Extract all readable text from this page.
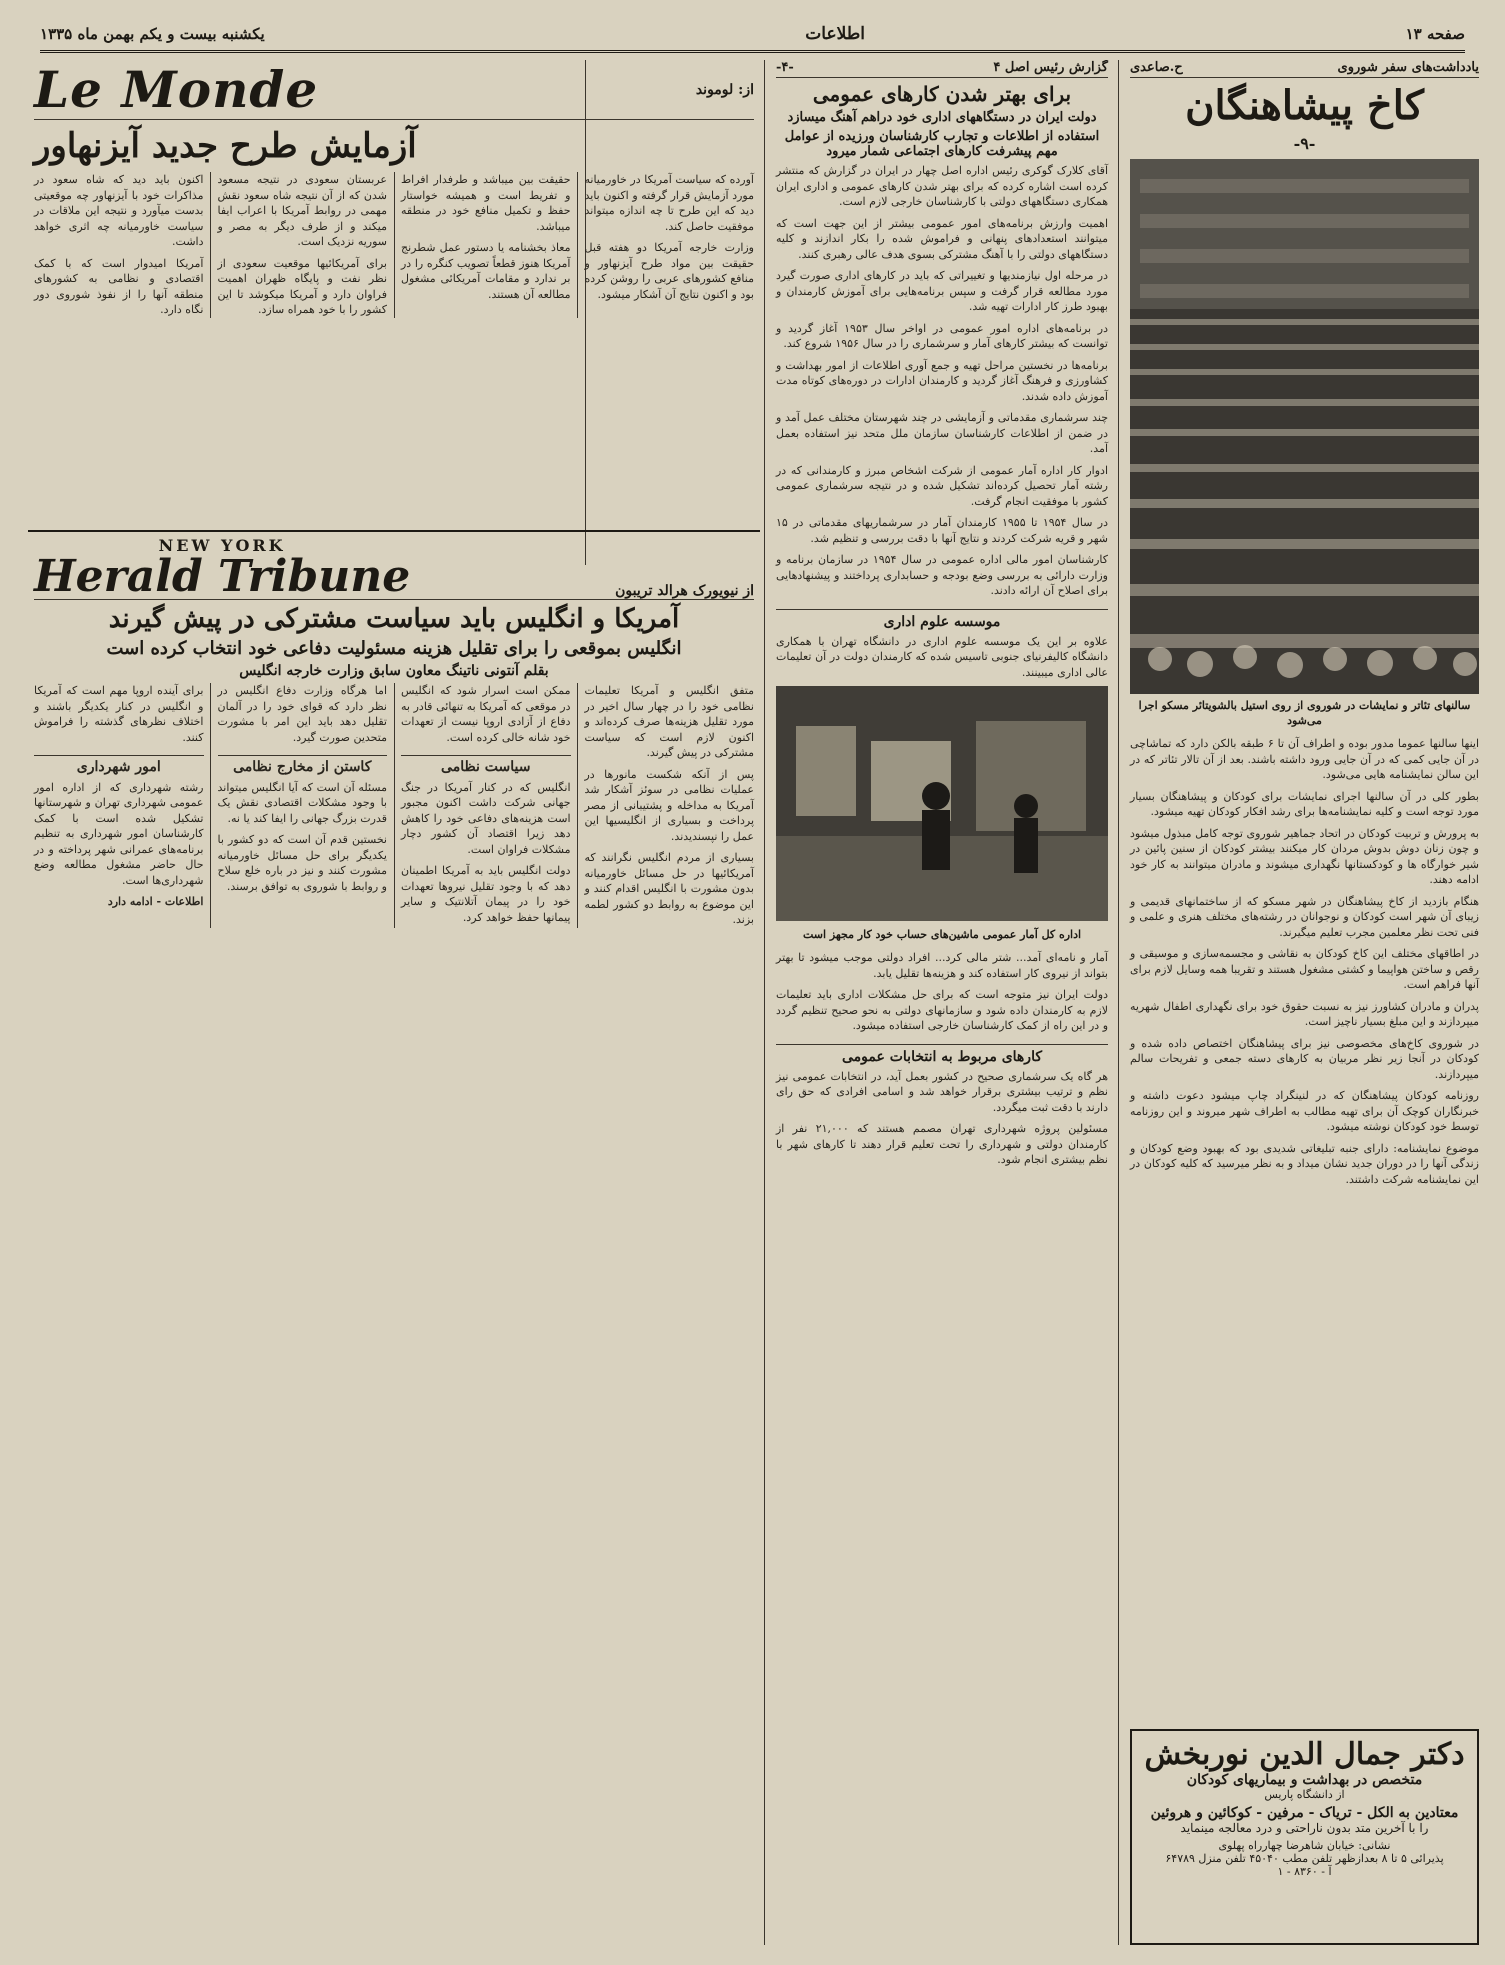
صفحه ۱۳
اطلاعات
یکشنبه بیست و یکم بهمن ماه ۱۳۳۵
یادداشت‌های سفر شوروی
ح.صاعدی
کاخ پیشاهنگان
-۹-
سالنهای تئاتر و نمایشات در شوروی از روی استیل بالشویتائر مسکو اجرا می‌شود

اینها سالنها عموما مدور بوده و اطراف آن تا ۶ طبقه بالکن دارد که تماشاچی در آن جایی کمی که در آن جایی ورود داشته باشند. بعد از آن تالار تئاتر که در این سالن نمایشنامه هایی می‌شود.

بطور کلی در آن سالنها اجرای نمایشات برای کودکان و پیشاهنگان بسیار مورد توجه است و کلیه نمایشنامه‌ها برای رشد افکار کودکان تهیه میشود.

به پرورش و تربیت کودکان در اتحاد جماهیر شوروی توجه کامل مبذول میشود و چون زنان دوش بدوش مردان کار میکنند بیشتر کودکان از سنین پائین در شیر خوارگاه ها و کودکستانها نگهداری میشوند و مادران میتوانند به کار خود ادامه دهند.

هنگام بازدید از کاخ پیشاهنگان در شهر مسکو که از ساختمانهای قدیمی و زیبای آن شهر است کودکان و نوجوانان در رشته‌های مختلف هنری و علمی و فنی تحت نظر معلمین مجرب تعلیم میگیرند.

در اطاقهای مختلف این کاخ کودکان به نقاشی و مجسمه‌سازی و موسیقی و رقص و ساختن هواپیما و کشتی مشغول هستند و تقریبا همه وسایل لازم برای آنها فراهم است.

پدران و مادران کشاورز نیز به نسبت حقوق خود برای نگهداری اطفال شهریه میپردازند و این مبلغ بسیار ناچیز است.

در شوروی کاخ‌های مخصوصی نیز برای پیشاهنگان اختصاص داده شده و کودکان در آنجا زیر نظر مربیان به کارهای دسته جمعی و تفریحات سالم میپردازند.

روزنامه کودکان پیشاهنگان که در لنینگراد چاپ میشود دعوت داشته و خبرنگاران کوچک آن برای تهیه مطالب به اطراف شهر میروند و این روزنامه توسط خود کودکان نوشته میشود.

موضوع نمایشنامه: دارای جنبه تبلیغاتی شدیدی بود که بهبود وضع کودکان و زندگی آنها را در دوران جدید نشان میداد و به نظر میرسید که کلیه کودکان در این نمایشنامه شرکت داشتند.

دکتر جمال الدین نوربخش
متخصص در بهداشت و بیماریهای کودکان
از دانشگاه پاریس
معتادین به الکل - تریاک - مرفین - کوکائین و هروئین
را با آخرین متد بدون ناراحتی و درد معالجه مینماید
نشانی: خیابان شاهرضا چهارراه پهلوی
پذیرائی ۵ تا ۸ بعدازظهر تلفن مطب ۴۵۰۴۰ تلفن منزل ۶۴۷۸۹
آ - ۸۳۶۰ - ۱
گزارش رئیس اصل ۴
-۴-
برای بهتر شدن کارهای عمومی
دولت ایران در دستگاههای اداری خود دراهم آهنگ میسازد
استفاده از اطلاعات و تجارب کارشناسان ورزیده از عوامل مهم پیشرفت کارهای اجتماعی شمار میرود

آقای کلارک گوکری رئیس اداره اصل چهار در ایران در گزارش که منتشر کرده است اشاره کرده که برای بهتر شدن کارهای عمومی و اداری ایران همکاری دستگاههای دولتی با کارشناسان خارجی لازم است.

اهمیت وارزش برنامه‌های امور عمومی بیشتر از این جهت است که میتوانند استعدادهای پنهانی و فراموش شده را بکار اندازند و کلیه دستگاههای دولتی را با آهنگ مشترکی بسوی هدف عالی رهبری کنند.

در مرحله اول نیازمندیها و تغییراتی که باید در کارهای اداری صورت گیرد مورد مطالعه قرار گرفت و سپس برنامه‌هایی برای آموزش کارمندان و بهبود طرز کار ادارات تهیه شد.

در برنامه‌های اداره امور عمومی در اواخر سال ۱۹۵۳ آغاز گردید و توانست که بیشتر کارهای آمار و سرشماری را در سال ۱۹۵۶ شروع کند.

برنامه‌ها در نخستین مراحل تهیه و جمع آوری اطلاعات از امور بهداشت و کشاورزی و فرهنگ آغاز گردید و کارمندان ادارات در دوره‌های کوتاه مدت آموزش داده شدند.

چند سرشماری مقدماتی و آزمایشی در چند شهرستان مختلف عمل آمد و در ضمن از اطلاعات کارشناسان سازمان ملل متحد نیز استفاده بعمل آمد.

ادوار کار اداره آمار عمومی از شرکت اشخاص مبرز و کارمندانی که در رشته آمار تحصیل کرده‌اند تشکیل شده و در نتیجه سرشماری عمومی کشور با موفقیت انجام گرفت.

در سال ۱۹۵۴ تا ۱۹۵۵ کارمندان آمار در سرشماریهای مقدماتی در ۱۵ شهر و قریه شرکت کردند و نتایج آنها با دقت بررسی و تنظیم شد.

کارشناسان امور مالی اداره عمومی در سال ۱۹۵۴ در سازمان برنامه و وزارت دارائی به بررسی وضع بودجه و حسابداری پرداختند و پیشنهادهایی برای اصلاح آن ارائه دادند.

موسسه علوم اداری

علاوه بر این یک موسسه علوم اداری در دانشگاه تهران با همکاری دانشگاه کالیفرنیای جنوبی تاسیس شده که کارمندان دولت در آن تعلیمات عالی اداری میبینند.

اداره کل آمار عمومی ماشین‌های حساب خود کار مجهز است

آمار و نامه‌ای آمد... شتر مالی کرد... افراد دولتی موجب میشود تا بهتر بتواند از نیروی کار استفاده کند و هزینه‌ها تقلیل یابد.

دولت ایران نیز متوجه است که برای حل مشکلات اداری باید تعلیمات لازم به کارمندان داده شود و سازمانهای دولتی به نحو صحیح تنظیم گردد و در این راه از کمک کارشناسان خارجی استفاده میشود.

کارهای مربوط به انتخابات عمومی

هر گاه یک سرشماری صحیح در کشور بعمل آید، در انتخابات عمومی نیز نظم و ترتیب بیشتری برقرار خواهد شد و اسامی افرادی که حق رای دارند با دقت ثبت میگردد.

مسئولین پروژه شهرداری تهران مصمم هستند که ۲۱,۰۰۰ نفر از کارمندان دولتی و شهرداری را تحت تعلیم قرار دهند تا کارهای شهر با نظم بیشتری انجام شود.

از: لوموند
Le Monde
آزمایش طرح جدید آیزنهاور

آورده که سیاست آمریکا در خاورمیانه مورد آزمایش قرار گرفته و اکنون باید دید که این طرح تا چه اندازه میتواند موفقیت حاصل کند.

وزارت خارجه آمریکا دو هفته قبل حقیقت بین مواد طرح آیزنهاور و منافع کشورهای عربی را روشن کرده بود و اکنون نتایج آن آشکار میشود.

حقیقت بین میباشد و طرفدار افراط و تفریط است و همیشه خواستار حفظ و تکمیل منافع خود در منطقه میباشد.

معاذ بخشنامه یا دستور عمل شطرنج آمریکا هنوز قطعاً تصویب کنگره را در بر ندارد و مقامات آمریکائی مشغول مطالعه آن هستند.

عربستان سعودی در نتیجه مسعود شدن که از آن نتیجه شاه سعود نقش مهمی در روابط آمریکا با اعراب ایفا میکند و از طرف دیگر به مصر و سوریه نزدیک است.

برای آمریکائیها موقعیت سعودی از نظر نفت و پایگاه ظهران اهمیت فراوان دارد و آمریکا میکوشد تا این کشور را با خود همراه سازد.

اکنون باید دید که شاه سعود در مذاکرات خود با آیزنهاور چه موقعیتی بدست میآورد و نتیجه این ملاقات در سیاست خاورمیانه چه اثری خواهد داشت.

آمریکا امیدوار است که با کمک اقتصادی و نظامی به کشورهای منطقه آنها را از نفوذ شوروی دور نگاه دارد.

از نیویورک هرالد تریبون
NEW YORK
Herald Tribune
آمریکا و انگلیس باید سیاست مشترکی در پیش گیرند
انگلیس بموقعی را برای تقلیل هزینه مسئولیت دفاعی خود انتخاب کرده است
بقلم آنتونی ناتینگ معاون سابق وزارت خارجه انگلیس

متفق انگلیس و آمریکا تعلیمات نظامی خود را در چهار سال اخیر در مورد تقلیل هزینه‌ها صرف کرده‌اند و اکنون لازم است که سیاست مشترکی در پیش گیرند.

پس از آنکه شکست مانورها در عملیات نظامی در سوئز آشکار شد آمریکا به مداخله و پشتیبانی از مصر پرداخت و بسیاری از انگلیسیها این عمل را نپسندیدند.

بسیاری از مردم انگلیس نگرانند که آمریکائیها در حل مسائل خاورمیانه بدون مشورت با انگلیس اقدام کنند و این موضوع به روابط دو کشور لطمه بزند.

ممکن است اسرار شود که انگلیس در موقعی که آمریکا به تنهائی قادر به دفاع از آزادی اروپا نیست از تعهدات خود شانه خالی کرده است.

سیاست نظامی

انگلیس که در کنار آمریکا در جنگ جهانی شرکت داشت اکنون مجبور است هزینه‌های دفاعی خود را کاهش دهد زیرا اقتصاد آن کشور دچار مشکلات فراوان است.

دولت انگلیس باید به آمریکا اطمینان دهد که با وجود تقلیل نیروها تعهدات خود را در پیمان آتلانتیک و سایر پیمانها حفظ خواهد کرد.

اما هرگاه وزارت دفاع انگلیس در نظر دارد که قوای خود را در آلمان تقلیل دهد باید این امر با مشورت متحدین صورت گیرد.

کاستن از مخارج نظامی

مسئله آن است که آیا انگلیس میتواند با وجود مشکلات اقتصادی نقش یک قدرت بزرگ جهانی را ایفا کند یا نه.

نخستین قدم آن است که دو کشور با یکدیگر برای حل مسائل خاورمیانه مشورت کنند و نیز در باره خلع سلاح و روابط با شوروی به توافق برسند.

برای آینده اروپا مهم است که آمریکا و انگلیس در کنار یکدیگر باشند و اختلاف نظرهای گذشته را فراموش کنند.

امور شهرداری

رشته شهرداری که از اداره امور عمومی شهرداری تهران و شهرستانها تشکیل شده است با کمک کارشناسان امور شهرداری به تنظیم برنامه‌های عمرانی شهر پرداخته و در حال حاضر مشغول مطالعه وضع شهرداری‌ها است.

اطلاعات - ادامه دارد
